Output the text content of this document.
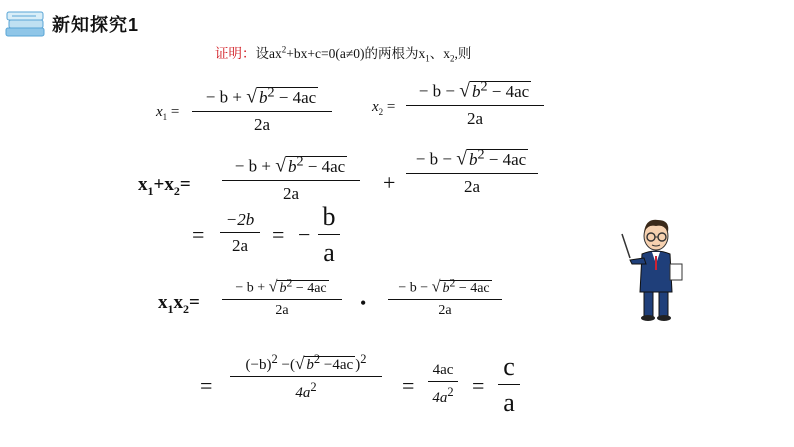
新知探究1
证明：设$ax^2+bx+c=0(a\ne 0)$的两根为$x_1$、$x_2$,则
$x_1$ =
− b + √ $b^2 - 4ac$
2a
$x_2$ =
− b − √ $b^2 - 4ac$
2a
$x_1+x_2=$
− b + √ $b^2 - 4ac$
2a	+
− b − √ $b^2 - 4ac$
2a
=
−2b
2a = −
b
a
$x_1x_2=$
− b + √ $b^2 - 4ac$
2a	•
− b − √ $b^2 - 4ac$
2a
=
$(-b)^2$ −(√ $b^2 -4ac$ )$^2$
$4a^2$	=
4ac
$4a^2$ =
c
a
